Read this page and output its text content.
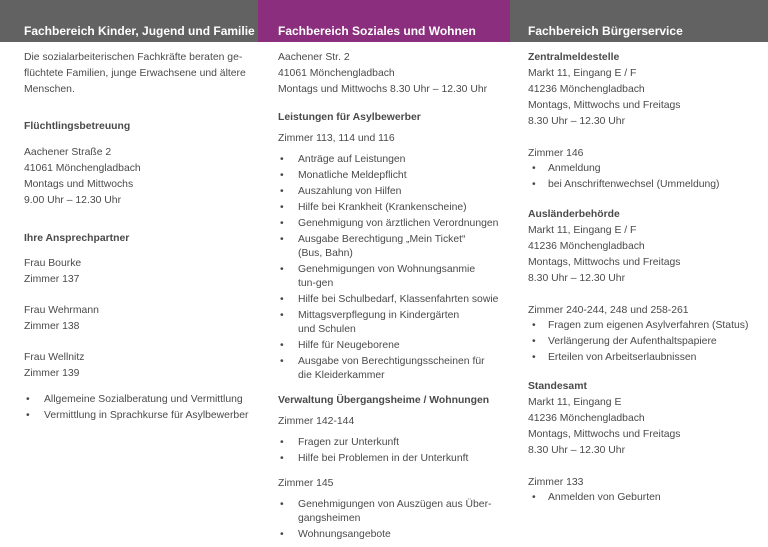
Fachbereich Kinder, Jugend und Familie

Die sozialarbeiterischen Fachkräfte beraten ge-

flüchtete Familien, junge Erwachsene und ältere

Menschen.

Flüchtlingsbetreuung

Aachener Straße 2

41061 Mönchengladbach

Montags und Mittwochs

9.00 Uhr – 12.30 Uhr

Ihre Ansprechpartner

Frau Bourke

Zimmer 137

Frau Wehrmann

Zimmer 138

Frau Wellnitz

Zimmer 139

• Allgemeine Sozialberatung und Vermittlung
• Vermittlung in Sprachkurse für Asylbewerber
Fachbereich Soziales und Wohnen

Aachener Str. 2

41061 Mönchengladbach

Montags und Mittwochs 8.30 Uhr – 12.30 Uhr

Leistungen für Asylbewerber

Zimmer 113, 114 und 116

• Anträge auf Leistungen
• Monatliche Meldepflicht
• Auszahlung von Hilfen
• Hilfe bei Krankheit (Krankenscheine)
• Genehmigung von ärztlichen Verordnungen
• Ausgabe Berechtigung „Mein Ticket“ (Bus, Bahn)
• Genehmigungen von Wohnungsanmietun-gen
• Hilfe bei Schulbedarf, Klassenfahrten sowie
• Mittagsverpflegung in Kindergärten und Schulen
• Hilfe für Neugeborene
• Ausgabe von Berechtigungsscheinen für die Kleiderkammer

Verwaltung Übergangsheime / Wohnungen

Zimmer 142-144

• Fragen zur Unterkunft
• Hilfe bei Problemen in der Unterkunft

Zimmer 145

• Genehmigungen von Auszügen aus Über-gangsheimen
• Wohnungsangebote
Fachbereich Bürgerservice

Zentralmeldestelle

Markt 11, Eingang E / F

41236 Mönchengladbach

Montags, Mittwochs und Freitags

8.30 Uhr – 12.30 Uhr

Zimmer 146

• Anmeldung
• bei Anschriftenwechsel (Ummeldung)

Ausländerbehörde

Markt 11, Eingang E / F

41236 Mönchengladbach

Montags, Mittwochs und Freitags

8.30 Uhr – 12.30 Uhr

Zimmer 240-244, 248 und 258-261

• Fragen zum eigenen Asylverfahren (Status)
• Verlängerung der Aufenthaltspapiere
• Erteilen von Arbeitserlaubnissen

Standesamt

Markt 11, Eingang E

41236 Mönchengladbach

Montags, Mittwochs und Freitags

8.30 Uhr – 12.30 Uhr

Zimmer 133

• Anmelden von Geburten
